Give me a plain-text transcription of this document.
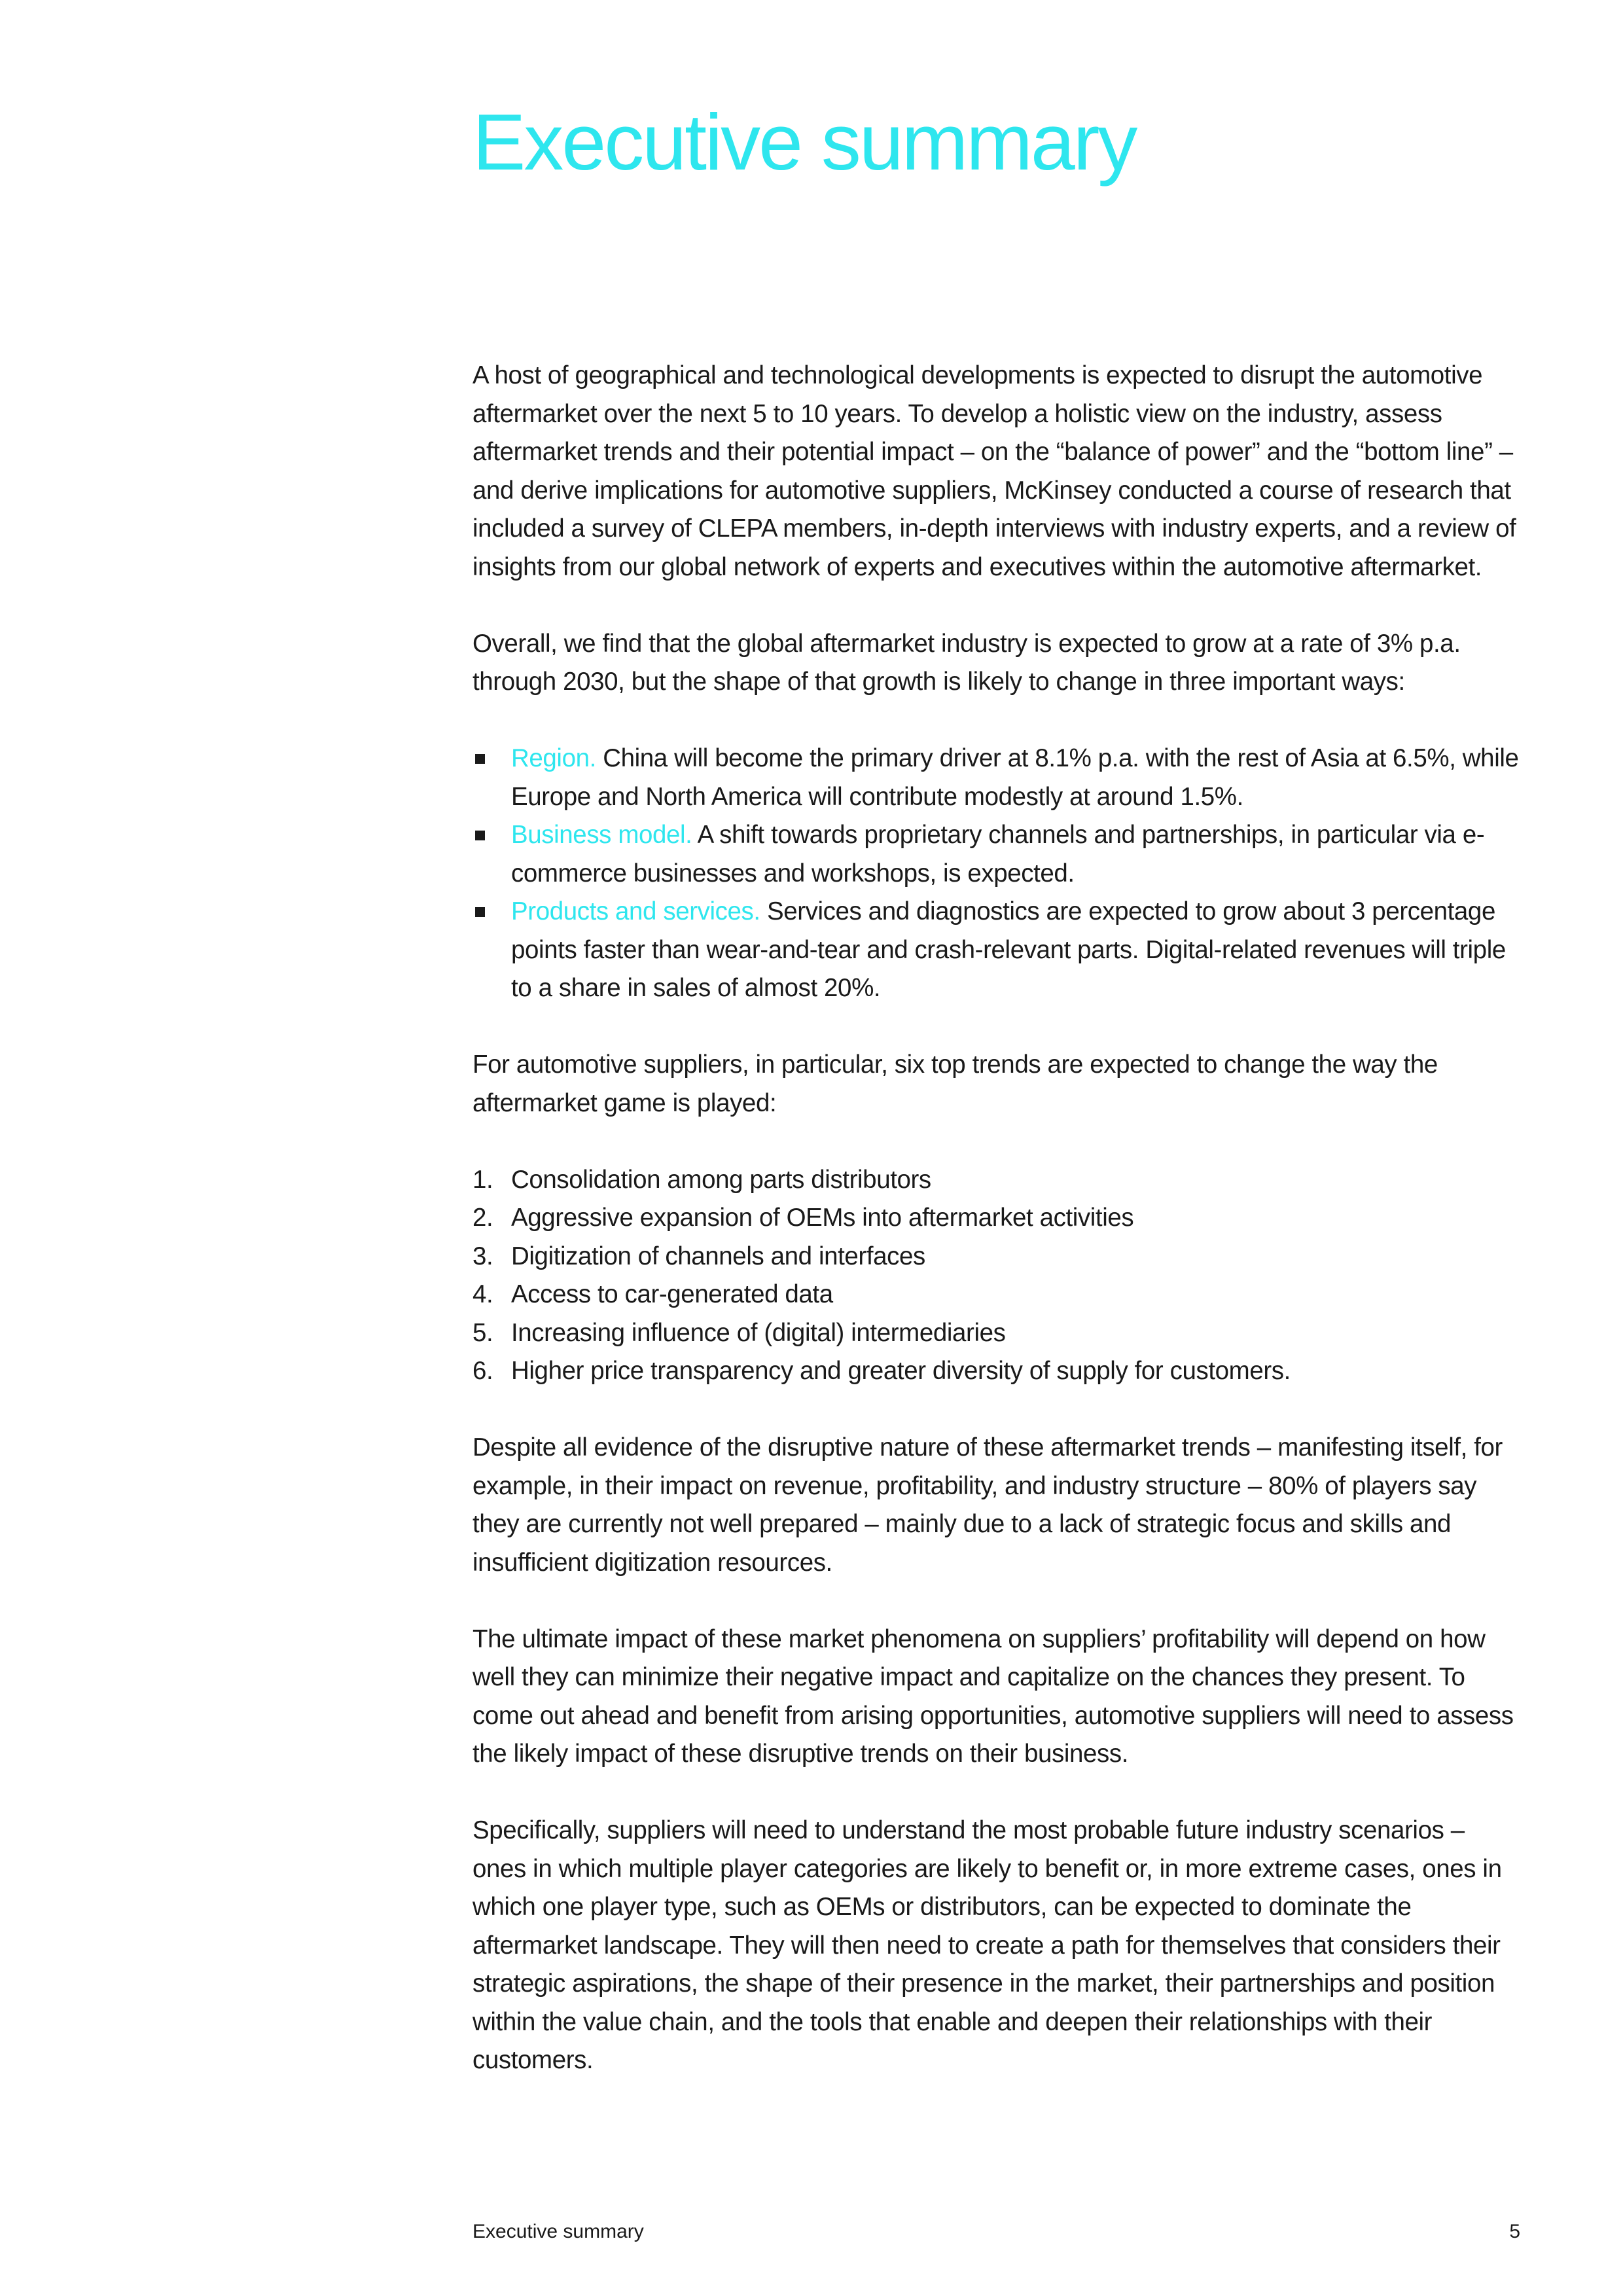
Executive summary

A host of geographical and technological developments is expected to disrupt the automotive aftermarket over the next 5 to 10 years. To develop a holistic view on the industry, assess aftermarket trends and their potential impact – on the “balance of power” and the “bottom line” – and derive implications for automotive suppliers, McKinsey conducted a course of research that included a survey of CLEPA members, in-depth interviews with industry experts, and a review of insights from our global network of experts and executives within the automotive aftermarket.

Overall, we find that the global aftermarket industry is expected to grow at a rate of 3% p.a. through 2030, but the shape of that growth is likely to change in three important ways:

Region. China will become the primary driver at 8.1% p.a. with the rest of Asia at 6.5%, while Europe and North America will contribute modestly at around 1.5%.
Business model. A shift towards proprietary channels and partnerships, in particular via e-commerce businesses and workshops, is expected.
Products and services. Services and diagnostics are expected to grow about 3 percentage points faster than wear-and-tear and crash-relevant parts. Digital-related revenues will triple to a share in sales of almost 20%.

For automotive suppliers, in particular, six top trends are expected to change the way the aftermarket game is played:

1. Consolidation among parts distributors
2. Aggressive expansion of OEMs into aftermarket activities
3. Digitization of channels and interfaces
4. Access to car-generated data
5. Increasing influence of (digital) intermediaries
6. Higher price transparency and greater diversity of supply for customers.

Despite all evidence of the disruptive nature of these aftermarket trends – manifesting itself, for example, in their impact on revenue, profitability, and industry structure – 80% of players say they are currently not well prepared – mainly due to a lack of strategic focus and skills and insufficient digitization resources.

The ultimate impact of these market phenomena on suppliers’ profitability will depend on how well they can minimize their negative impact and capitalize on the chances they present. To come out ahead and benefit from arising opportunities, automotive suppliers will need to assess the likely impact of these disruptive trends on their business.

Specifically, suppliers will need to understand the most probable future industry scenarios – ones in which multiple player categories are likely to benefit or, in more extreme cases, ones in which one player type, such as OEMs or distributors, can be expected to dominate the aftermarket landscape. They will then need to create a path for themselves that considers their strategic aspirations, the shape of their presence in the market, their partnerships and position within the value chain, and the tools that enable and deepen their relationships with their customers.

Executive summary	5
